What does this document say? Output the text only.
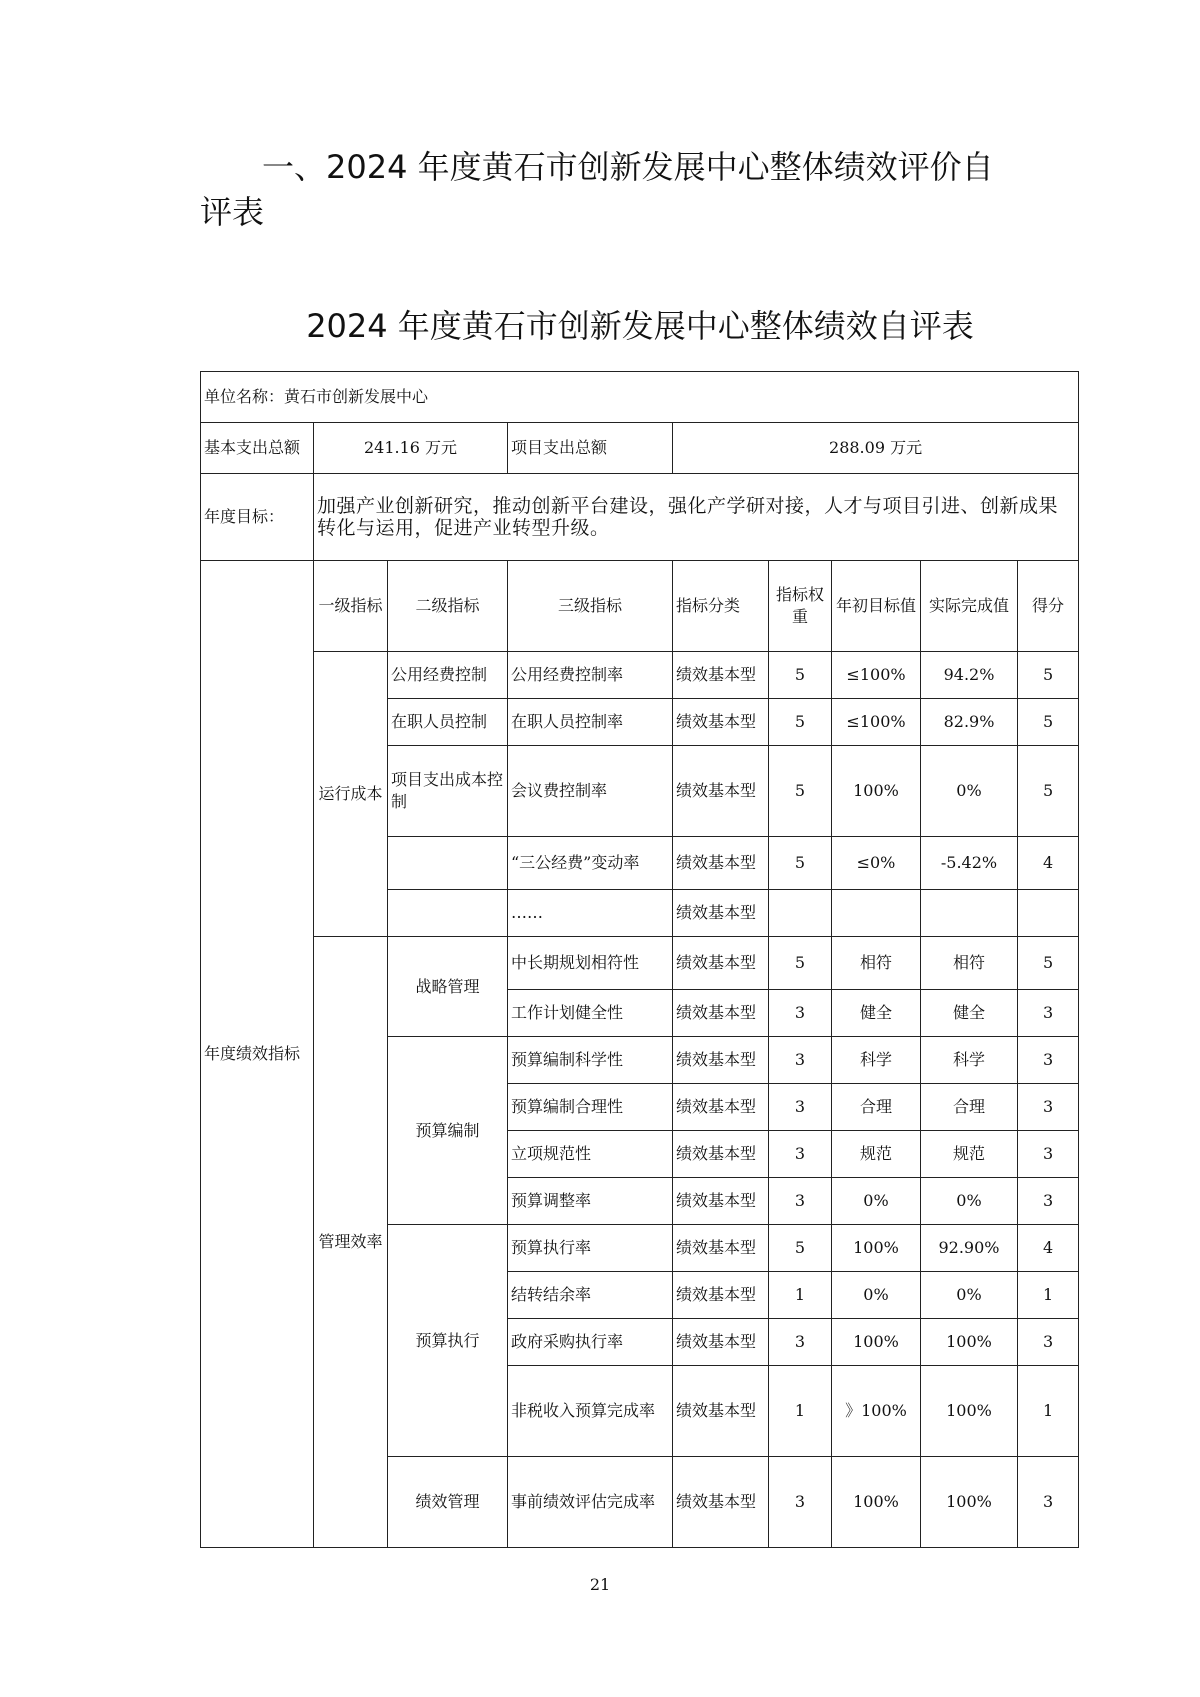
一、2024 年度黄石市创新发展中心整体绩效评价自评表
2024 年度黄石市创新发展中心整体绩效自评表
单位名称：黄石市创新发展中心								
基本支出总额	241.16 万元		项目支出总额	288.09 万元				
年度目标：	加强产业创新研究，推动创新平台建设，强化产学研对接，人才与项目引进、创新成果转化与运用，促进产业转型升级。							
年度绩效指标	一级指标	二级指标	三级指标	指标分类	指标权重	年初目标值	实际完成值	得分
	运行成本	公用经费控制	公用经费控制率	绩效基本型	5	≤100%	94.2%	5
		在职人员控制	在职人员控制率	绩效基本型	5	≤100%	82.9%	5
		项目支出成本控制	会议费控制率	绩效基本型	5	100%	0%	5
			“三公经费”变动率	绩效基本型	5	≤0%	-5.42%	4
			……	绩效基本型				
	管理效率	战略管理	中长期规划相符性	绩效基本型	5	相符	相符	5
			工作计划健全性	绩效基本型	3	健全	健全	3
		预算编制	预算编制科学性	绩效基本型	3	科学	科学	3
			预算编制合理性	绩效基本型	3	合理	合理	3
			立项规范性	绩效基本型	3	规范	规范	3
			预算调整率	绩效基本型	3	0%	0%	3
		预算执行	预算执行率	绩效基本型	5	100%	92.90%	4
			结转结余率	绩效基本型	1	0%	0%	1
			政府采购执行率	绩效基本型	3	100%	100%	3
			非税收入预算完成率	绩效基本型	1	》100%	100%	1
		绩效管理	事前绩效评估完成率	绩效基本型	3	100%	100%	3
21
